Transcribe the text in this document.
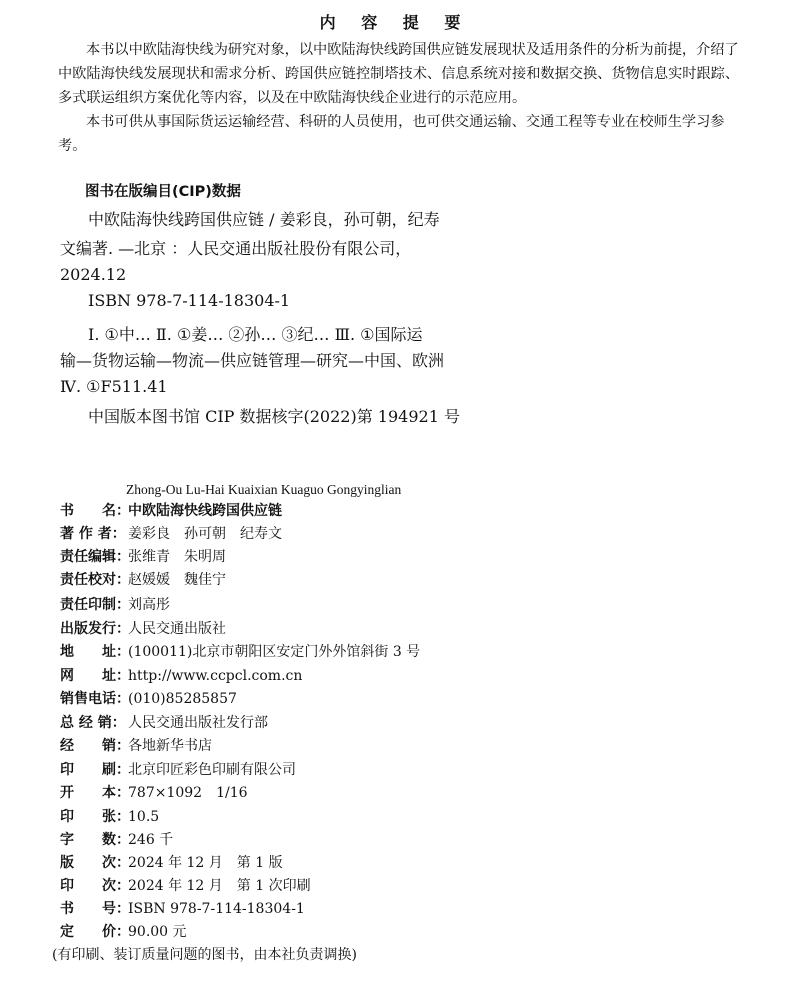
内 容 提 要
本书以中欧陆海快线为研究对象，以中欧陆海快线跨国供应链发展现状及适用条件的分析为前提，介绍了中欧陆海快线发展现状和需求分析、跨国供应链控制塔技术、信息系统对接和数据交换、货物信息实时跟踪、多式联运组织方案优化等内容，以及在中欧陆海快线企业进行的示范应用。
本书可供从事国际货运运输经营、科研的人员使用，也可供交通运输、交通工程等专业在校师生学习参考。
图书在版编目(CIP)数据
中欧陆海快线跨国供应链 / 姜彩良，孙可朝，纪寿
文编著. —北京 ：人民交通出版社股份有限公司，
2024.12
ISBN 978-7-114-18304-1
Ⅰ. ①中… Ⅱ. ①姜… ②孙… ③纪… Ⅲ. ①国际运
输—货物运输—物流—供应链管理—研究—中国、欧洲
Ⅳ. ①F511.41
中国版本图书馆 CIP 数据核字(2022)第 194921 号
Zhong-Ou Lu-Hai Kuaixian Kuaguo Gongyinglian
书　　名：中欧陆海快线跨国供应链
著 作 者： 姜彩良　孙可朝　纪寿文
责任编辑：张维青　朱明周
责任校对：赵媛媛　魏佳宁
责任印制：刘高彤
出版发行：人民交通出版社
地　　址：(100011)北京市朝阳区安定门外外馆斜街 3 号
网　　址：http://www.ccpcl.com.cn
销售电话：(010)85285857
总 经 销： 人民交通出版社发行部
经　　销：各地新华书店
印　　刷：北京印匠彩色印刷有限公司
开　　本：787×1092　1/16
印　　张：10.5
字　　数：246 千
版　　次：2024 年 12 月　第 1 版
印　　次：2024 年 12 月　第 1 次印刷
书　　号：ISBN 978-7-114-18304-1
定　　价：90.00 元
(有印刷、装订质量问题的图书，由本社负责调换)
